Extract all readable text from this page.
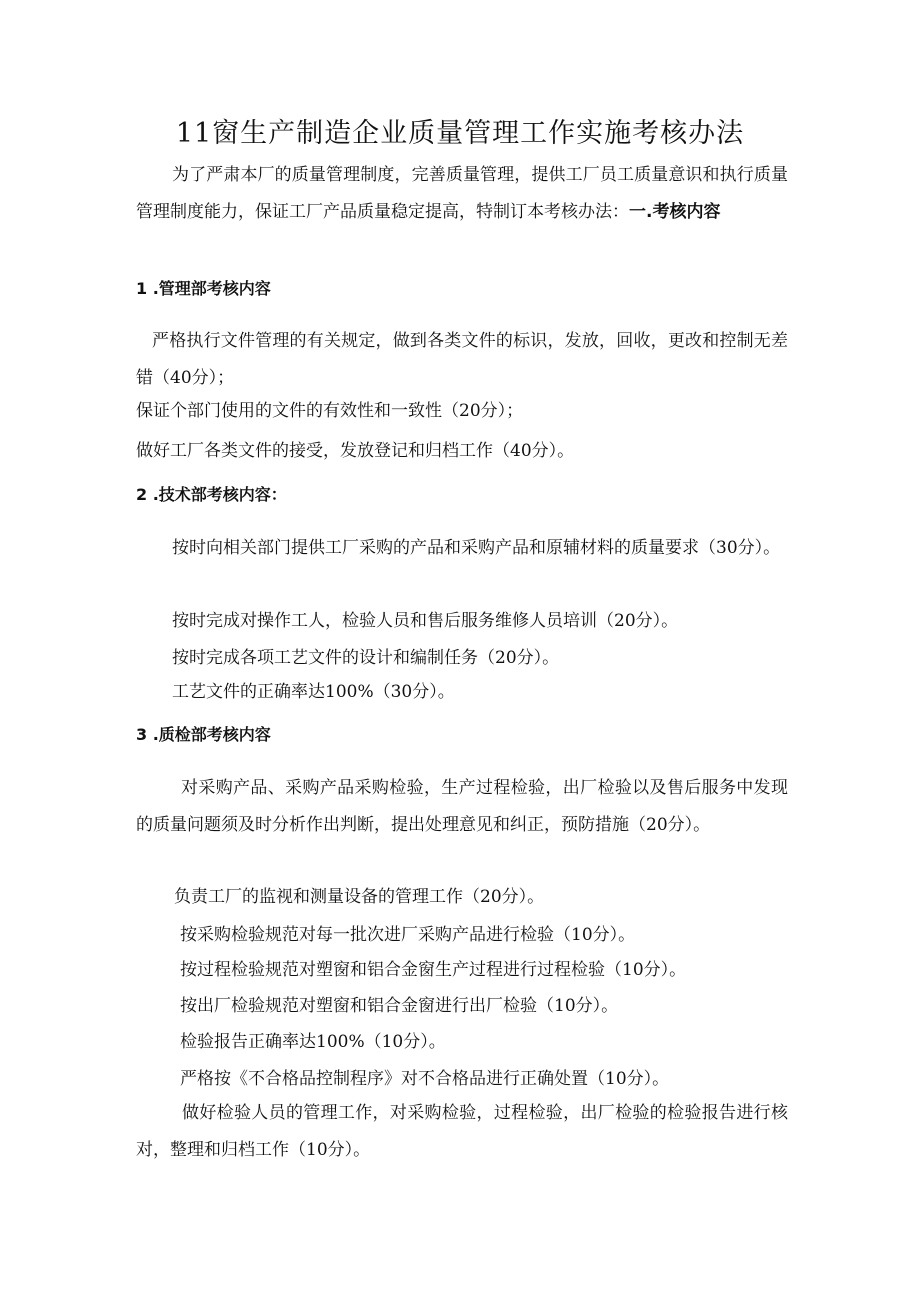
11窗生产制造企业质量管理工作实施考核办法

为了严肃本厂的质量管理制度，完善质量管理，提供工厂员工质量意识和执行质量管理制度能力，保证工厂产品质量稳定提高，特制订本考核办法：一.考核内容

1 .管理部考核内容

严格执行文件管理的有关规定，做到各类文件的标识，发放，回收，更改和控制无差错（40分）；

保证个部门使用的文件的有效性和一致性（20分）；
做好工厂各类文件的接受，发放登记和归档工作（40分）。
2 .技术部考核内容：

按时向相关部门提供工厂采购的产品和采购产品和原辅材料的质量要求（30分）。

按时完成对操作工人，检验人员和售后服务维修人员培训（20分）。
按时完成各项工艺文件的设计和编制任务（20分）。
工艺文件的正确率达100%（30分）。
3 .质检部考核内容

对采购产品、采购产品采购检验，生产过程检验，出厂检验以及售后服务中发现的质量问题须及时分析作出判断，提出处理意见和纠正，预防措施（20分）。

负责工厂的监视和测量设备的管理工作（20分）。
按采购检验规范对每一批次进厂采购产品进行检验（10分）。
按过程检验规范对塑窗和铝合金窗生产过程进行过程检验（10分）。
按出厂检验规范对塑窗和铝合金窗进行出厂检验（10分）。
检验报告正确率达100%（10分）。
严格按《不合格品控制程序》对不合格品进行正确处置（10分）。

做好检验人员的管理工作，对采购检验，过程检验，出厂检验的检验报告进行核对，整理和归档工作（10分）。
